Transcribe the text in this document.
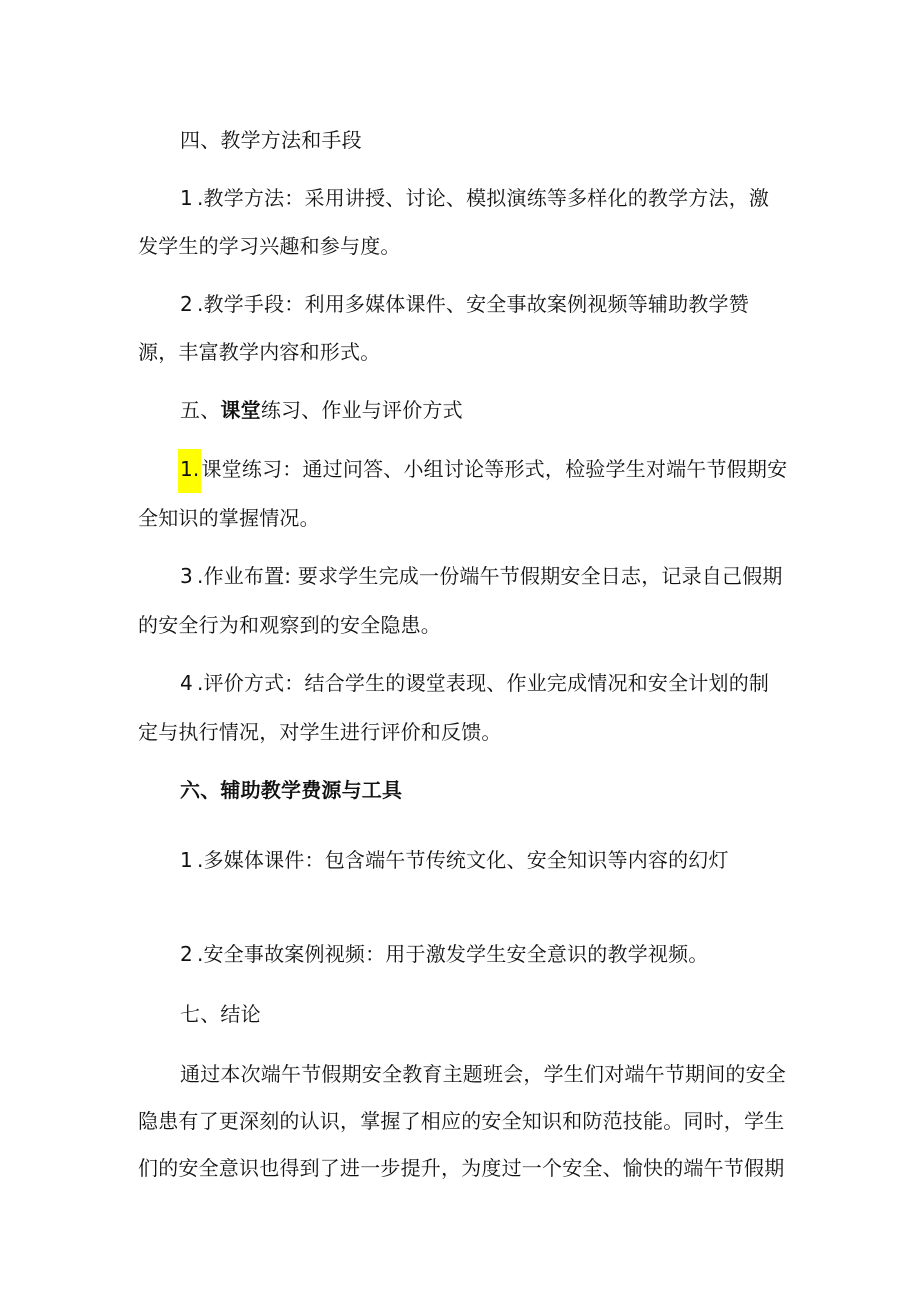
四、教学方法和手段
1 .教学方法：采用讲授、讨论、模拟演练等多样化的教学方法，激
发学生的学习兴趣和参与度。
2 .教学手段：利用多媒体课件、安全事故案例视频等辅助教学赞
源，丰富教学内容和形式。
五、课堂练习、作业与评价方式
1. 课堂练习：通过问答、小组讨论等形式，检验学生对端午节假期安
全知识的掌握情况。
3 .作业布置: 要求学生完成一份端午节假期安全日志，记录自己假期
的安全行为和观察到的安全隐患。
4 .评价方式：结合学生的谡堂表现、作业完成情况和安全计划的制
定与执行情况，对学生进行评价和反馈。
六、辅助教学费源与工具
1 .多媒体课件：包含端午节传统文化、安全知识等内容的幻灯
2 .安全事故案例视频：用于激发学生安全意识的教学视频。
七、结论
通过本次端午节假期安全教育主题班会，学生们对端午节期间的安全
隐患有了更深刻的认识，掌握了相应的安全知识和防范技能。同时，学生
们的安全意识也得到了进一步提升，为度过一个安全、愉快的端午节假期
